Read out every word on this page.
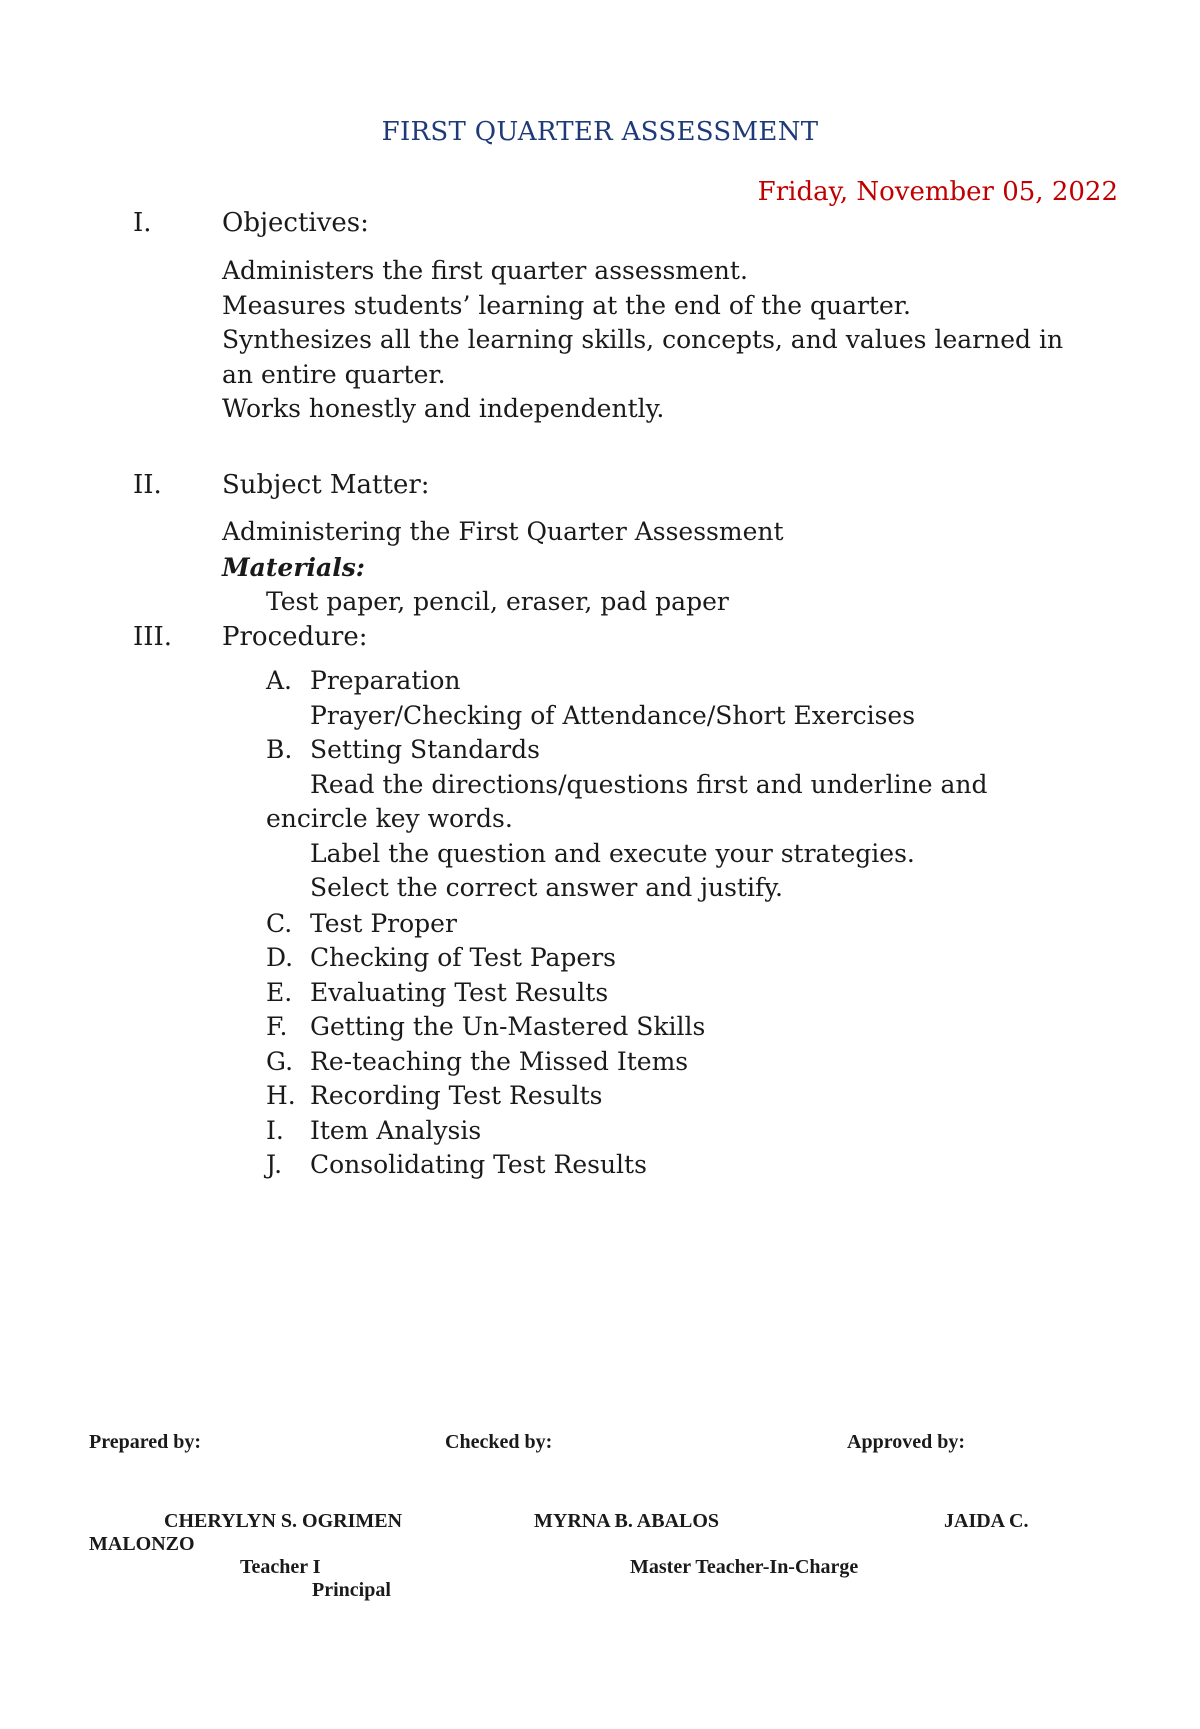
FIRST QUARTER ASSESSMENT
Friday, November 05, 2022
I.	Objectives:
Administers the first quarter assessment.
Measures students’ learning at the end of the quarter.
Synthesizes all the learning skills, concepts, and values learned in
an entire quarter.
Works honestly and independently.
II. Subject Matter:
Administering the First Quarter Assessment
Materials:
Test paper, pencil, eraser, pad paper
III. Procedure:
A. Preparation
Prayer/Checking of Attendance/Short Exercises
B. Setting Standards
Read the directions/questions first and underline and
encircle key words.
Label the question and execute your strategies.
Select the correct answer and justify.
C. Test Proper
D. Checking of Test Papers
E. Evaluating Test Results
F. Getting the Un-Mastered Skills
G. Re-teaching the Missed Items
H. Recording Test Results
I. Item Analysis
J. Consolidating Test Results
Prepared by:	Checked by:	Approved by:
CHERYLYN S. OGRIMEN	MYRNA B. ABALOS	JAIDA C.
MALONZO
Teacher I	Master Teacher-In-Charge
Principal
